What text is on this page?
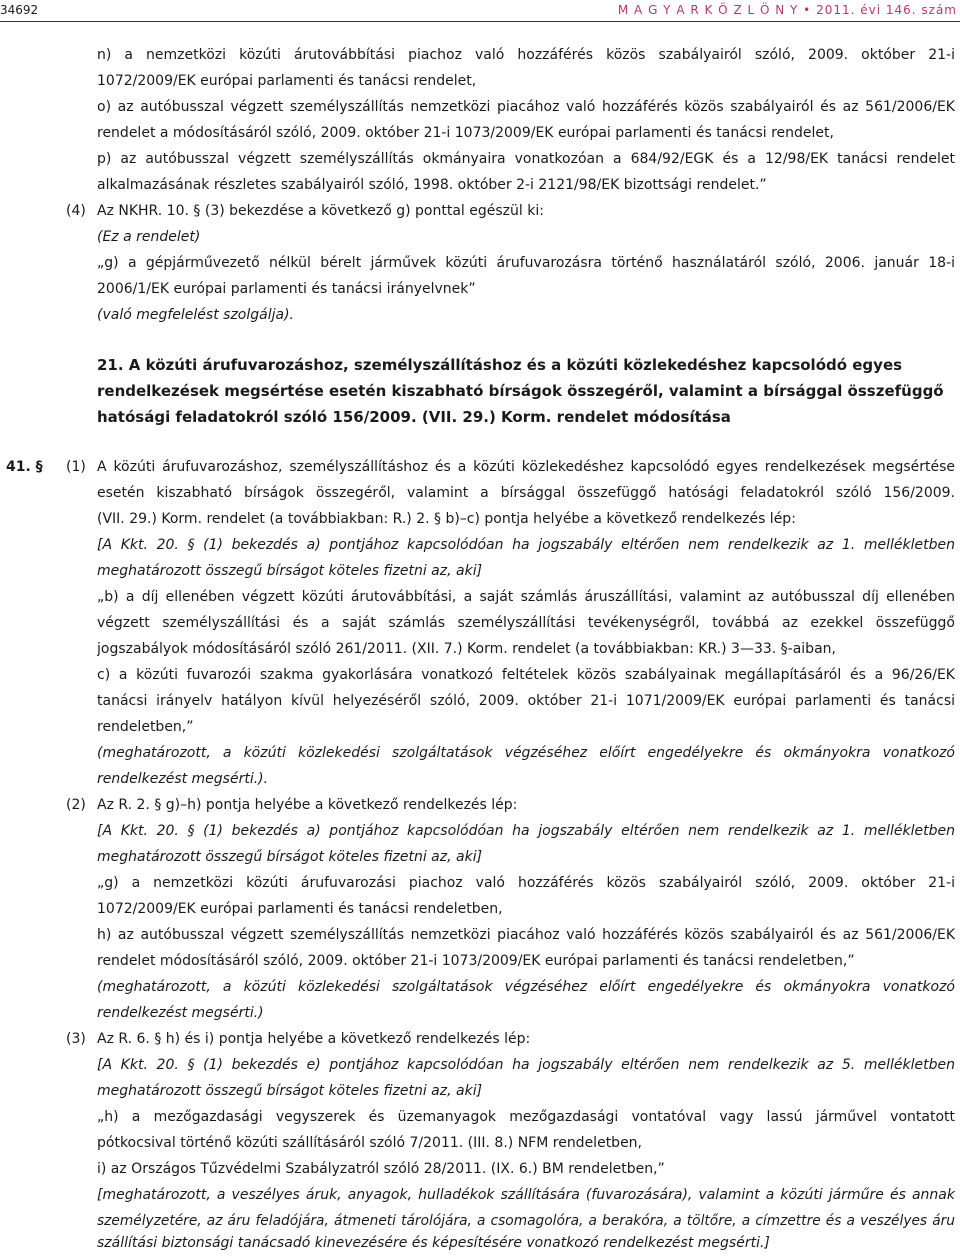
34692	M A G Y A R K Ö Z L Ö N Y • 2011. évi 146. szám
n) a nemzetközi közúti árutovábbítási piachoz való hozzáférés közös szabályairól szóló, 2009. október 21-i
1072/2009/EK európai parlamenti és tanácsi rendelet,
o) az autóbusszal végzett személyszállítás nemzetközi piacához való hozzáférés közös szabályairól és az 561/2006/EK
rendelet a módosításáról szóló, 2009. október 21-i 1073/2009/EK európai parlamenti és tanácsi rendelet,
p) az autóbusszal végzett személyszállítás okmányaira vonatkozóan a 684/92/EGK és a 12/98/EK tanácsi rendelet
alkalmazásának részletes szabályairól szóló, 1998. október 2-i 2121/98/EK bizottsági rendelet.”
(4) Az NKHR. 10. § (3) bekezdése a következő g) ponttal egészül ki:
(Ez a rendelet)
„g) a gépjárművezető nélkül bérelt járművek közúti árufuvarozásra történő használatáról szóló, 2006. január 18-i
2006/1/EK európai parlamenti és tanácsi irányelvnek”
(való megfelelést szolgálja).
21. A közúti árufuvarozáshoz, személyszállításhoz és a közúti közlekedéshez kapcsolódó egyes
rendelkezések megsértése esetén kiszabható bírságok összegéről, valamint a bírsággal összefüggő
hatósági feladatokról szóló 156/2009. (VII. 29.) Korm. rendelet módosítása
41. § (1) A közúti árufuvarozáshoz, személyszállításhoz és a közúti közlekedéshez kapcsolódó egyes rendelkezések megsértése
esetén kiszabható bírságok összegéről, valamint a bírsággal összefüggő hatósági feladatokról szóló 156/2009.
(VII. 29.) Korm. rendelet (a továbbiakban: R.) 2. § b)–c) pontja helyébe a következő rendelkezés lép:
[A Kkt. 20. § (1) bekezdés a) pontjához kapcsolódóan ha jogszabály eltérően nem rendelkezik az 1. mellékletben
meghatározott összegű bírságot köteles fizetni az, aki]
„b) a díj ellenében végzett közúti árutovábbítási, a saját számlás áruszállítási, valamint az autóbusszal díj ellenében
végzett személyszállítási és a saját számlás személyszállítási tevékenységről, továbbá az ezekkel összefüggő
jogszabályok módosításáról szóló 261/2011. (XII. 7.) Korm. rendelet (a továbbiakban: KR.) 3—33. §-aiban,
c) a közúti fuvarozói szakma gyakorlására vonatkozó feltételek közös szabályainak megállapításáról és a 96/26/EK
tanácsi irányelv hatályon kívül helyezéséről szóló, 2009. október 21-i 1071/2009/EK európai parlamenti és tanácsi
rendeletben,”
(meghatározott, a közúti közlekedési szolgáltatások végzéséhez előírt engedélyekre és okmányokra vonatkozó
rendelkezést megsérti.).
(2) Az R. 2. § g)–h) pontja helyébe a következő rendelkezés lép:
[A Kkt. 20. § (1) bekezdés a) pontjához kapcsolódóan ha jogszabály eltérően nem rendelkezik az 1. mellékletben
meghatározott összegű bírságot köteles fizetni az, aki]
„g) a nemzetközi közúti árufuvarozási piachoz való hozzáférés közös szabályairól szóló, 2009. október 21-i
1072/2009/EK európai parlamenti és tanácsi rendeletben,
h) az autóbusszal végzett személyszállítás nemzetközi piacához való hozzáférés közös szabályairól és az 561/2006/EK
rendelet módosításáról szóló, 2009. október 21-i 1073/2009/EK európai parlamenti és tanácsi rendeletben,”
(meghatározott, a közúti közlekedési szolgáltatások végzéséhez előírt engedélyekre és okmányokra vonatkozó
rendelkezést megsérti.)
(3) Az R. 6. § h) és i) pontja helyébe a következő rendelkezés lép:
[A Kkt. 20. § (1) bekezdés e) pontjához kapcsolódóan ha jogszabály eltérően nem rendelkezik az 5. mellékletben
meghatározott összegű bírságot köteles fizetni az, aki]
„h) a mezőgazdasági vegyszerek és üzemanyagok mezőgazdasági vontatóval vagy lassú járművel vontatott
pótkocsival történő közúti szállításáról szóló 7/2011. (III. 8.) NFM rendeletben,
i) az Országos Tűzvédelmi Szabályzatról szóló 28/2011. (IX. 6.) BM rendeletben,”
[meghatározott, a veszélyes áruk, anyagok, hulladékok szállítására (fuvarozására), valamint a közúti járműre és annak
személyzetére, az áru feladójára, átmeneti tárolójára, a csomagolóra, a berakóra, a töltőre, a címzettre és a veszélyes áru
szállítási biztonsági tanácsadó kinevezésére és képesítésére vonatkozó rendelkezést megsérti.]
